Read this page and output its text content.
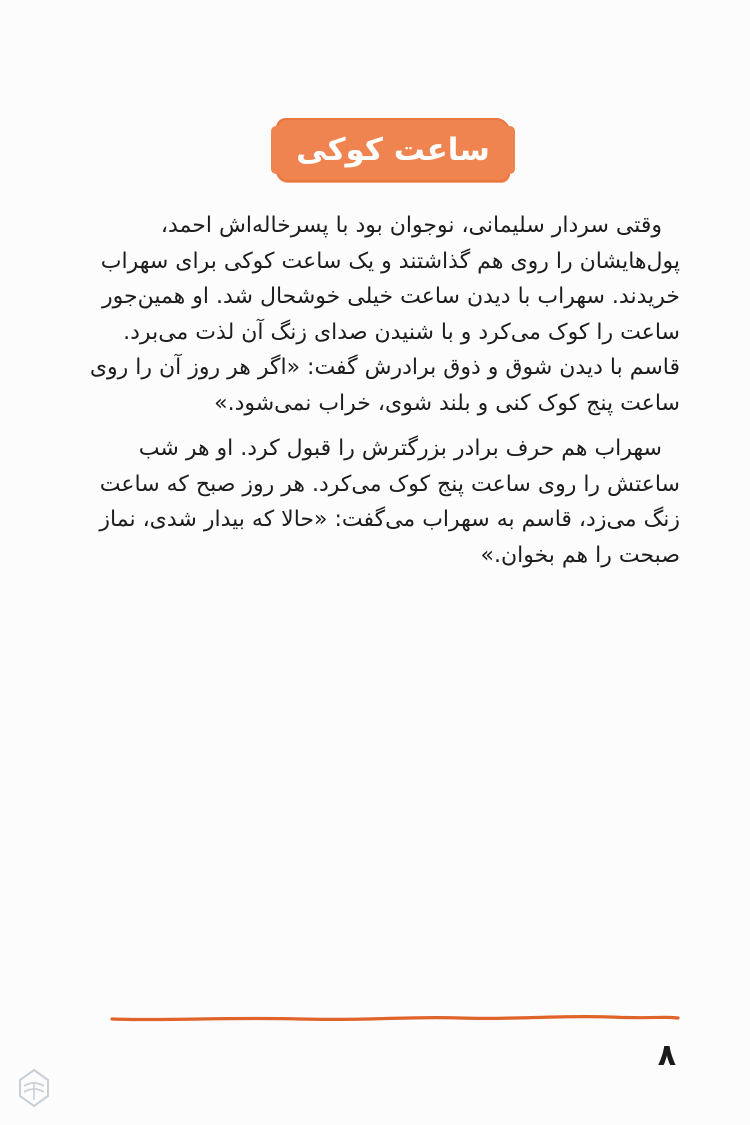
ساعت کوکی

وقتی سردار سلیمانی، نوجوان بود با پسرخاله‌اش احمد،
پول‌هایشان را روی هم گذاشتند و یک ساعت کوکی برای سهراب
خریدند. سهراب با دیدن ساعت خیلی خوشحال شد. او همین‌جور
ساعت را کوک می‌کرد و با شنیدن صدای زنگ آن لذت می‌برد.
قاسم با دیدن شوق و ذوق برادرش گفت: «اگر هر روز آن را روی
ساعت پنج کوک کنی و بلند شوی، خراب نمی‌شود.»

سهراب هم حرف برادر بزرگترش را قبول کرد. او هر شب
ساعتش را روی ساعت پنج کوک می‌کرد. هر روز صبح که ساعت
زنگ می‌زد، قاسم به سهراب می‌گفت: «حالا که بیدار شدی، نماز
صبحت را هم بخوان.»

۸
